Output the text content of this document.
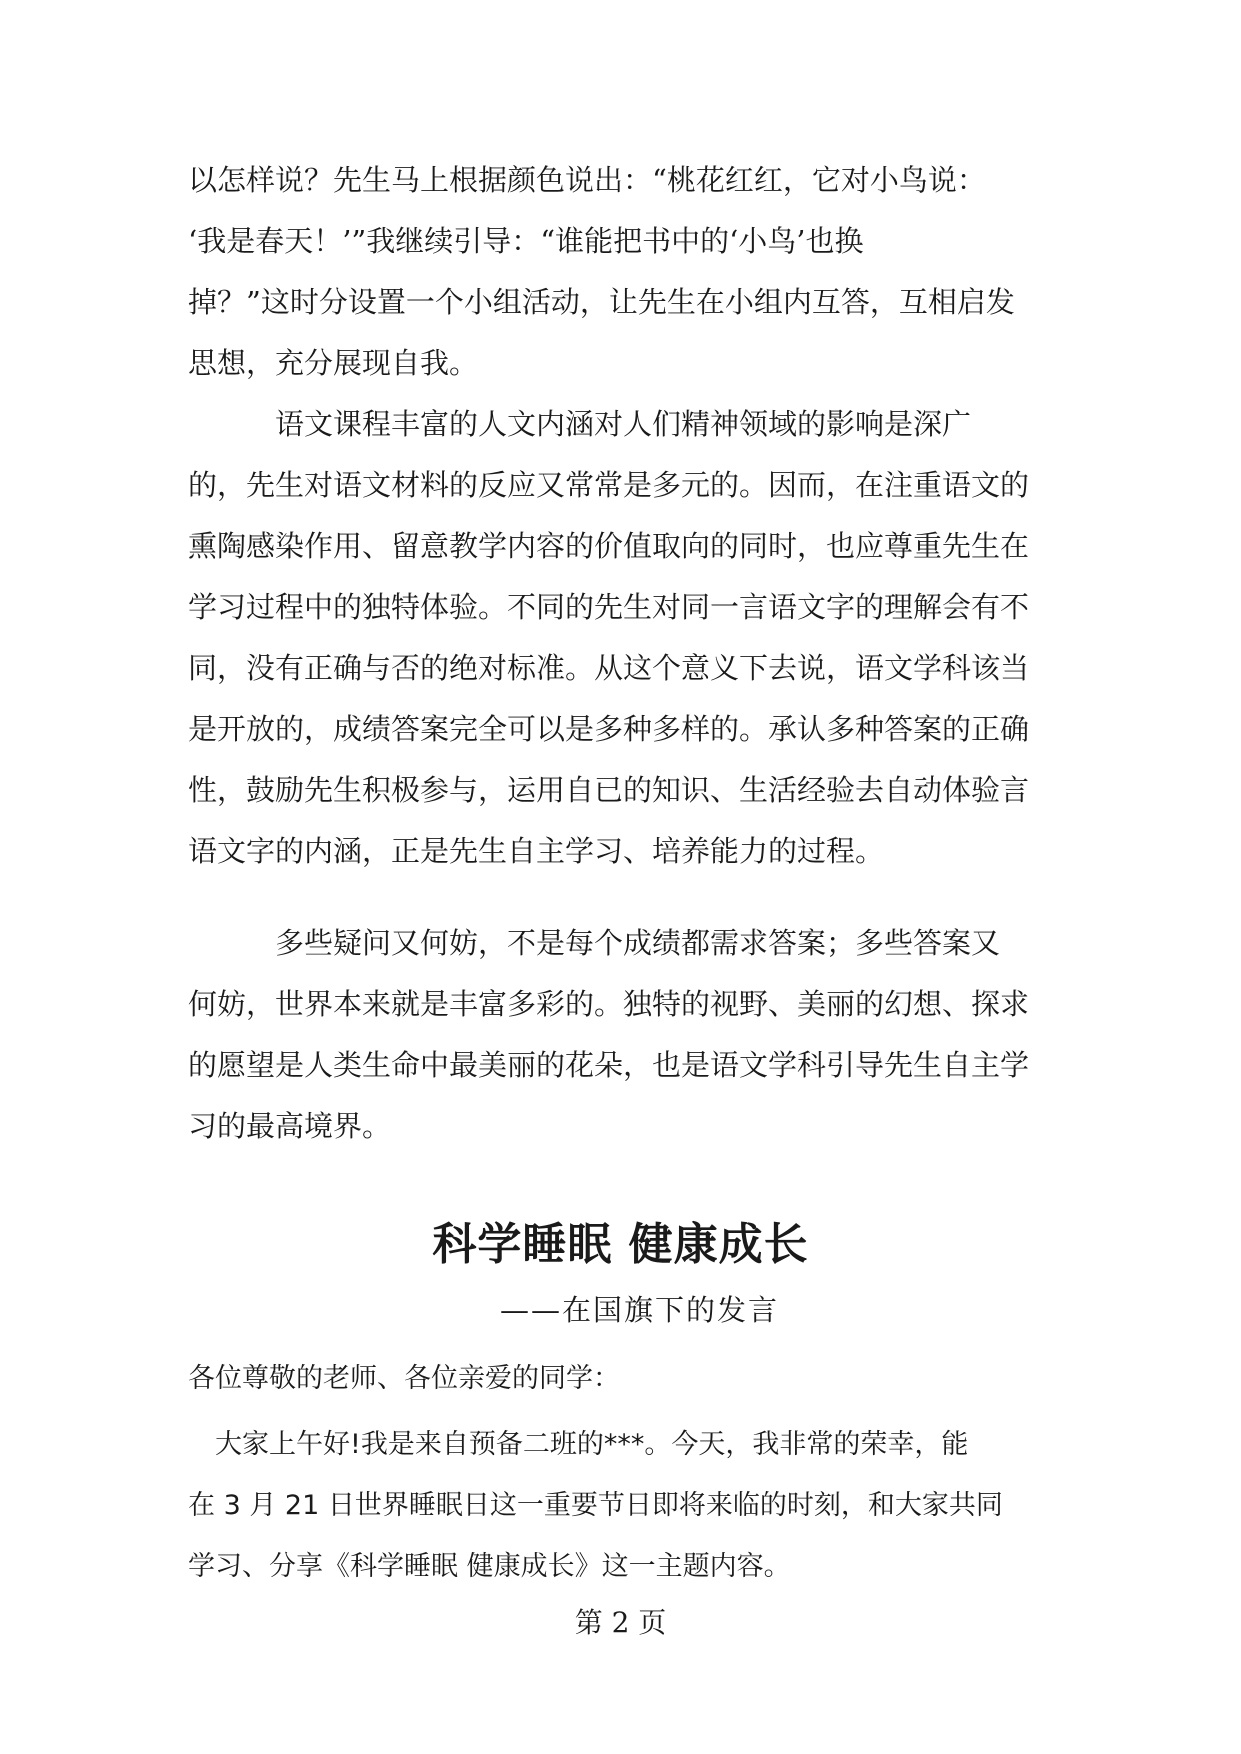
以怎样说？先生马上根据颜色说出：“桃花红红，它对小鸟说：
‘我是春天！’”我继续引导：“谁能把书中的‘小鸟’也换
掉？”这时分设置一个小组活动，让先生在小组内互答，互相启发
思想，充分展现自我。
　　　语文课程丰富的人文内涵对人们精神领域的影响是深广
的，先生对语文材料的反应又常常是多元的。因而，在注重语文的
熏陶感染作用、留意教学内容的价值取向的同时，也应尊重先生在
学习过程中的独特体验。不同的先生对同一言语文字的理解会有不
同，没有正确与否的绝对标准。从这个意义下去说，语文学科该当
是开放的，成绩答案完全可以是多种多样的。承认多种答案的正确
性，鼓励先生积极参与，运用自已的知识、生活经验去自动体验言
语文字的内涵，正是先生自主学习、培养能力的过程。
　　　多些疑问又何妨，不是每个成绩都需求答案；多些答案又
何妨，世界本来就是丰富多彩的。独特的视野、美丽的幻想、探求
的愿望是人类生命中最美丽的花朵，也是语文学科引导先生自主学
习的最高境界。
科学睡眠 健康成长
——在国旗下的发言
各位尊敬的老师、各位亲爱的同学：
　大家上午好!我是来自预备二班的***。今天，我非常的荣幸，能
在 3 月 21 日世界睡眠日这一重要节日即将来临的时刻，和大家共同
学习、分享《科学睡眠 健康成长》这一主题内容。
第 2 页
